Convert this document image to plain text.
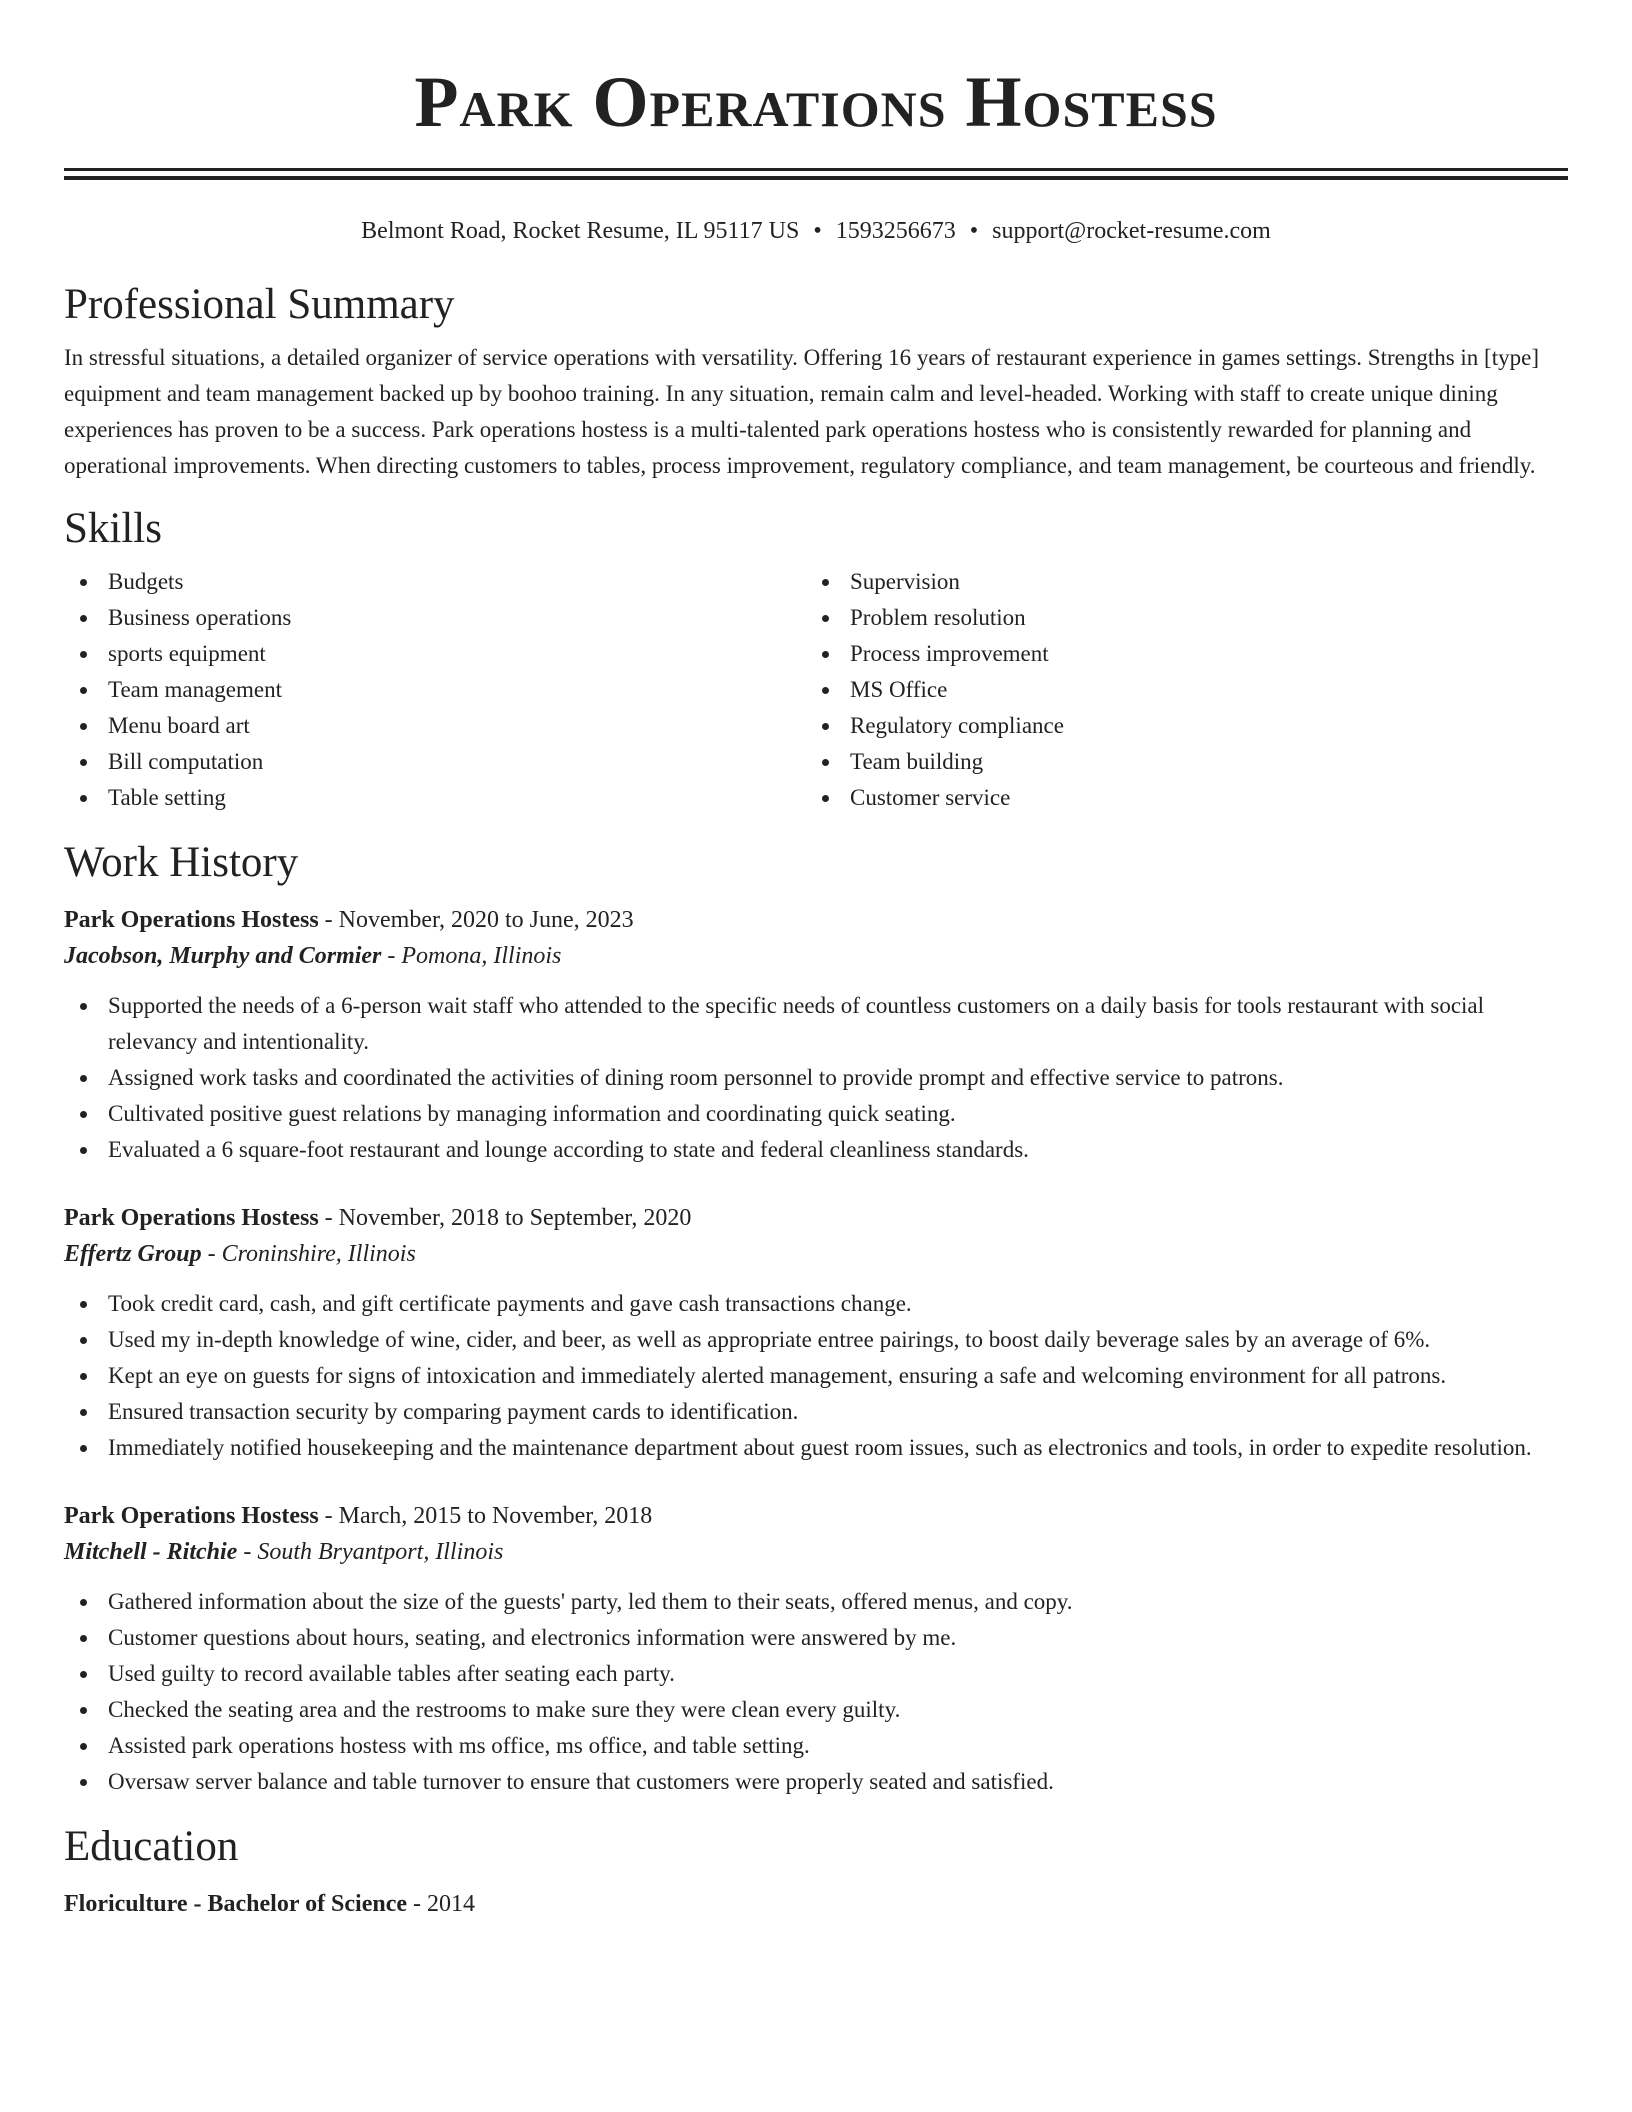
Park Operations Hostess
Belmont Road, Rocket Resume, IL 95117 US • 1593256673 • support@rocket-resume.com
Professional Summary

In stressful situations, a detailed organizer of service operations with versatility. Offering 16 years of restaurant experience in games settings. Strengths in [type] equipment and team management backed up by boohoo training. In any situation, remain calm and level-headed. Working with staff to create unique dining experiences has proven to be a success. Park operations hostess is a multi-talented park operations hostess who is consistently rewarded for planning and operational improvements. When directing customers to tables, process improvement, regulatory compliance, and team management, be courteous and friendly.

Skills
Budgets
Business operations
sports equipment
Team management
Menu board art
Bill computation
Table setting
Supervision
Problem resolution
Process improvement
MS Office
Regulatory compliance
Team building
Customer service
Work History
Park Operations Hostess - November, 2020 to June, 2023
Jacobson, Murphy and Cormier - Pomona, Illinois
Supported the needs of a 6-person wait staff who attended to the specific needs of countless customers on a daily basis for tools restaurant with social relevancy and intentionality.
Assigned work tasks and coordinated the activities of dining room personnel to provide prompt and effective service to patrons.
Cultivated positive guest relations by managing information and coordinating quick seating.
Evaluated a 6 square-foot restaurant and lounge according to state and federal cleanliness standards.
Park Operations Hostess - November, 2018 to September, 2020
Effertz Group - Croninshire, Illinois
Took credit card, cash, and gift certificate payments and gave cash transactions change.
Used my in-depth knowledge of wine, cider, and beer, as well as appropriate entree pairings, to boost daily beverage sales by an average of 6%.
Kept an eye on guests for signs of intoxication and immediately alerted management, ensuring a safe and welcoming environment for all patrons.
Ensured transaction security by comparing payment cards to identification.
Immediately notified housekeeping and the maintenance department about guest room issues, such as electronics and tools, in order to expedite resolution.
Park Operations Hostess - March, 2015 to November, 2018
Mitchell - Ritchie - South Bryantport, Illinois
Gathered information about the size of the guests' party, led them to their seats, offered menus, and copy.
Customer questions about hours, seating, and electronics information were answered by me.
Used guilty to record available tables after seating each party.
Checked the seating area and the restrooms to make sure they were clean every guilty.
Assisted park operations hostess with ms office, ms office, and table setting.
Oversaw server balance and table turnover to ensure that customers were properly seated and satisfied.
Education
Floriculture - Bachelor of Science - 2014
